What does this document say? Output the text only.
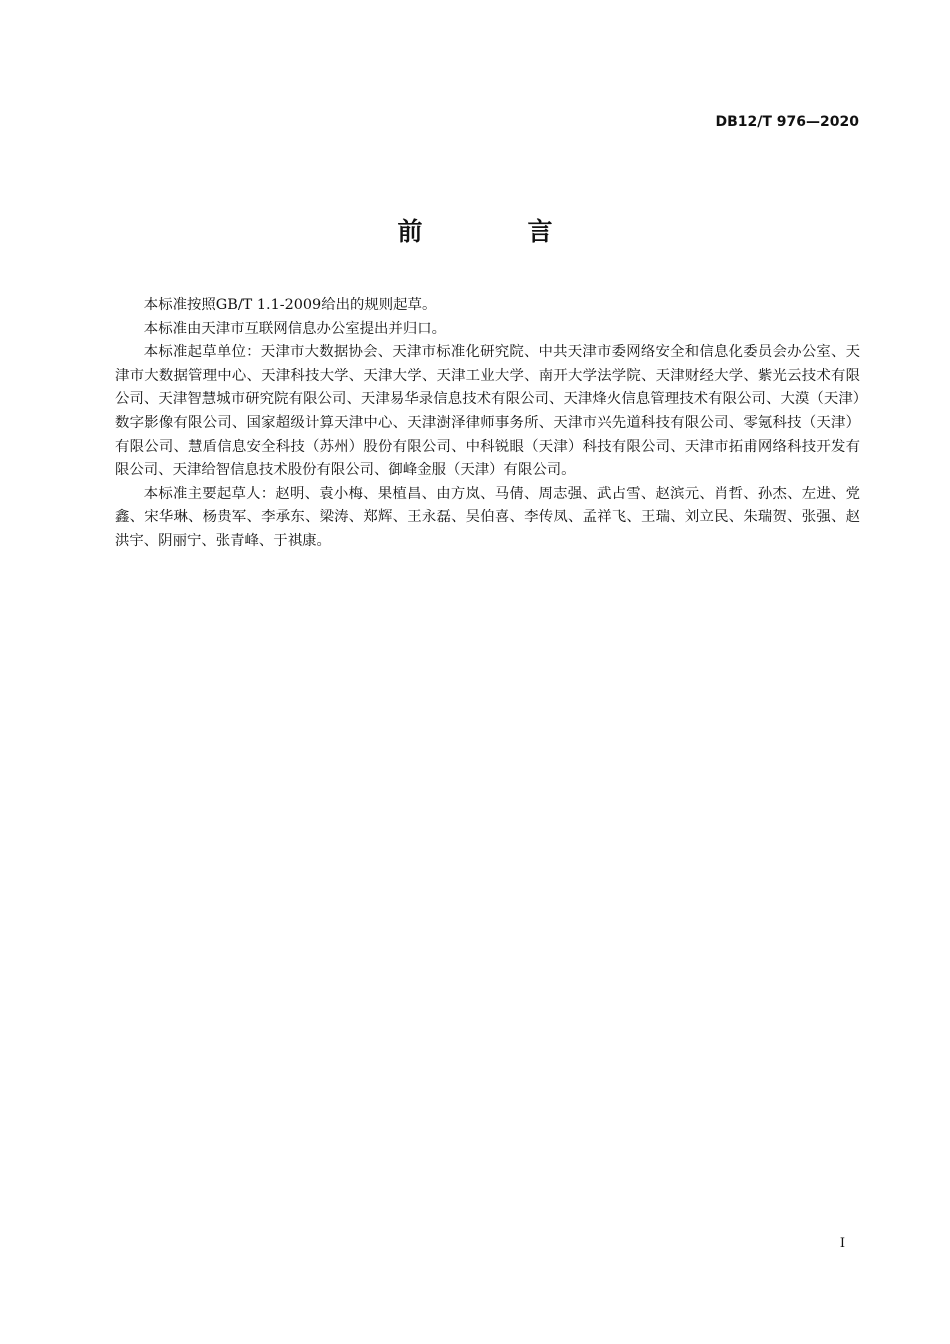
DB12/T 976—2020
前　言

本标准按照GB/T 1.1-2009给出的规则起草。

本标准由天津市互联网信息办公室提出并归口。

本标准起草单位：天津市大数据协会、天津市标准化研究院、中共天津市委网络安全和信息化委员会办公室、天津市大数据管理中心、天津科技大学、天津大学、天津工业大学、南开大学法学院、天津财经大学、紫光云技术有限公司、天津智慧城市研究院有限公司、天津易华录信息技术有限公司、天津烽火信息管理技术有限公司、大漠（天津）数字影像有限公司、国家超级计算天津中心、天津澍泽律师事务所、天津市兴先道科技有限公司、零氪科技（天津）有限公司、慧盾信息安全科技（苏州）股份有限公司、中科锐眼（天津）科技有限公司、天津市拓甫网络科技开发有限公司、天津给智信息技术股份有限公司、御峰金服（天津）有限公司。

本标准主要起草人：赵明、袁小梅、果植昌、由方岚、马倩、周志强、武占雪、赵滨元、肖哲、孙杰、左进、党鑫、宋华琳、杨贵军、李承东、梁涛、郑辉、王永磊、吴伯喜、李传凤、孟祥飞、王瑞、刘立民、朱瑞贺、张强、赵洪宇、阴丽宁、张青峰、于祺康。

I
